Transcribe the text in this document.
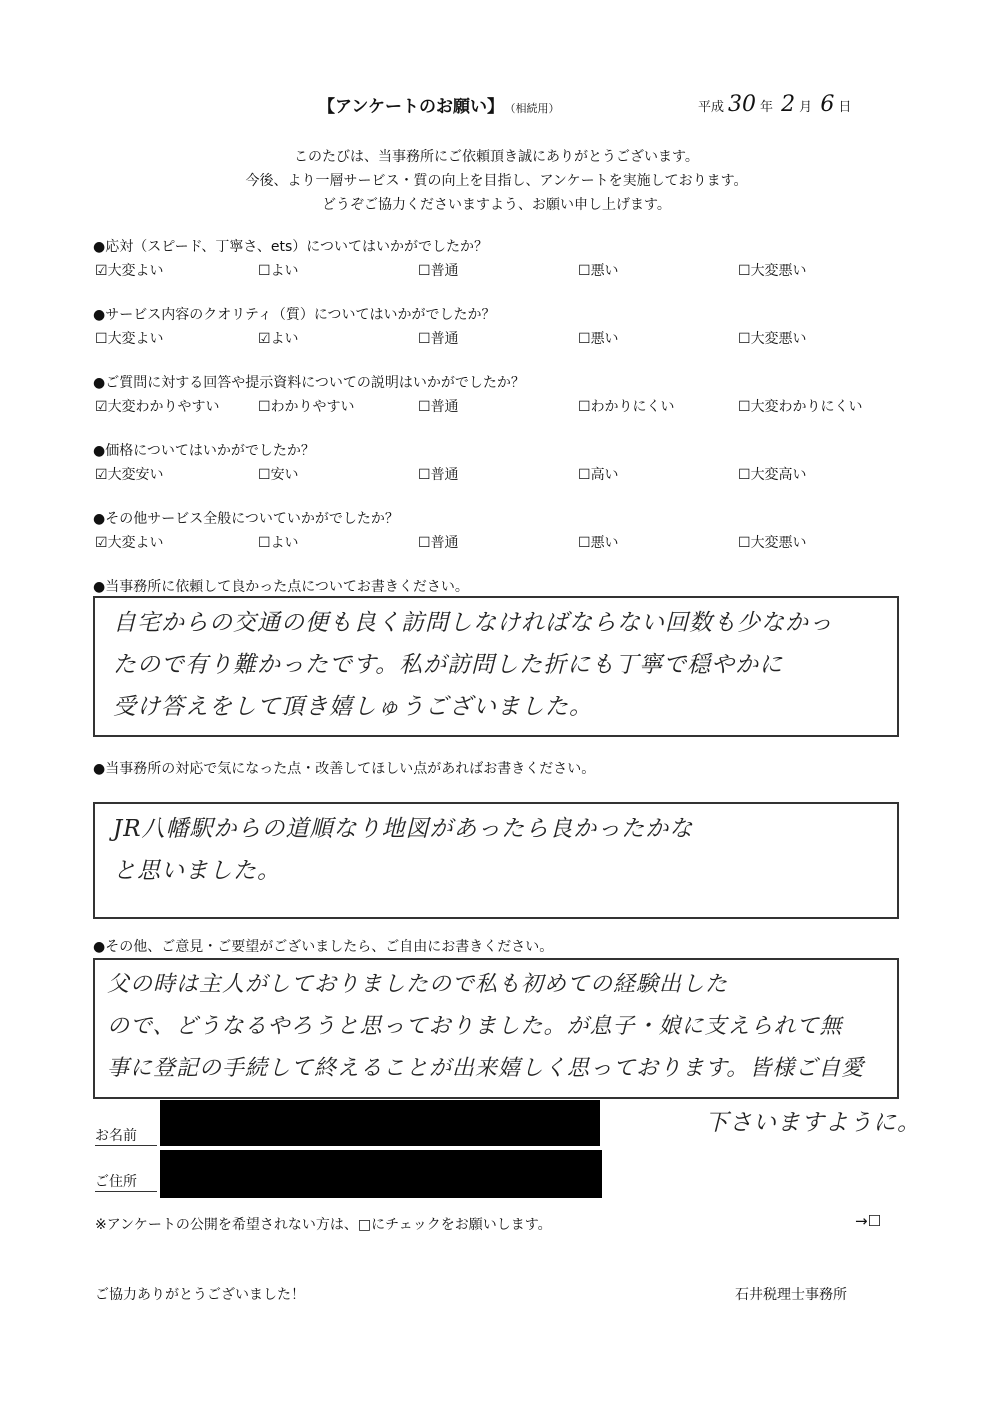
【アンケートのお願い】 （相続用）	平成 30 年 2 月 6 日
このたびは、当事務所にご依頼頂き誠にありがとうございます。
今後、より一層サービス・質の向上を目指し、アンケートを実施しております。
どうぞご協力くださいますよう、お願い申し上げます。
●応対（スピード、丁寧さ、ets）についてはいかがでしたか？
☑大変よい	☐よい	☐普通	☐悪い	☐大変悪い
●サービス内容のクオリティ（質）についてはいかがでしたか？
☐大変よい	☑よい	☐普通	☐悪い	☐大変悪い
●ご質問に対する回答や提示資料についての説明はいかがでしたか？
☑大変わかりやすい	☐わかりやすい	☐普通	☐わかりにくい	☐大変わかりにくい
●価格についてはいかがでしたか？
☑大変安い	☐安い	☐普通	☐高い	☐大変高い
●その他サービス全般についていかがでしたか？
☑大変よい	☐よい	☐普通	☐悪い	☐大変悪い
●当事務所に依頼して良かった点についてお書きください。
自宅からの交通の便も良く訪問しなければならない回数も少なかっ
たので有り難かったです。私が訪問した折にも丁寧で穏やかに
受け答えをして頂き嬉しゅうございました。
●当事務所の対応で気になった点・改善してほしい点があればお書きください。
JR八幡駅からの道順なり地図があったら良かったかな
と思いました。
●その他、ご意見・ご要望がございましたら、ご自由にお書きください。
父の時は主人がしておりましたので私も初めての経験出した
ので、どうなるやろうと思っておりました。が息子・娘に支えられて無
事に登記の手続して終えることが出来嬉しく思っております。皆様ご自愛
下さいますように。
お名前
ご住所
※アンケートの公開を希望されない方は、□にチェックをお願いします。	→☐
ご協力ありがとうございました！	石井税理士事務所
